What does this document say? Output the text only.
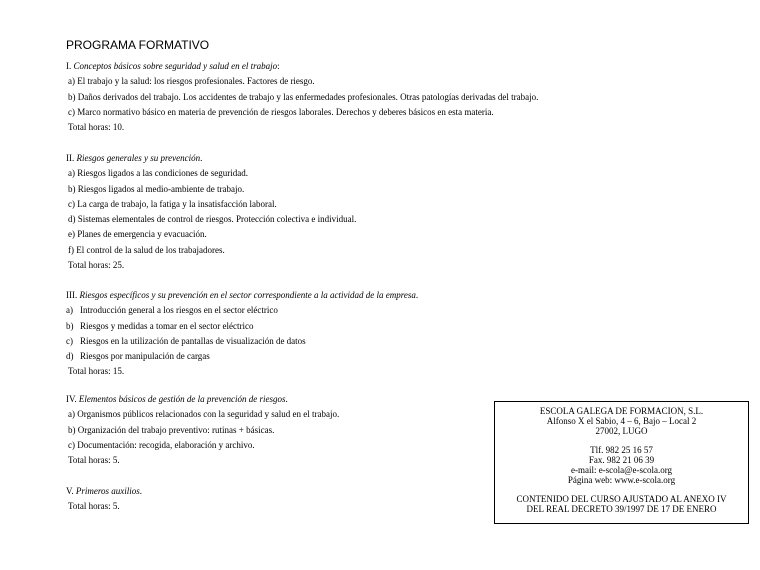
PROGRAMA FORMATIVO
I. Conceptos básicos sobre seguridad y salud en el trabajo:
a) El trabajo y la salud: los riesgos profesionales. Factores de riesgo.
b) Daños derivados del trabajo. Los accidentes de trabajo y las enfermedades profesionales. Otras patologías derivadas del trabajo.
c) Marco normativo básico en materia de prevención de riesgos laborales. Derechos y deberes básicos en esta materia.
Total horas: 10.
II. Riesgos generales y su prevención.
a) Riesgos ligados a las condiciones de seguridad.
b) Riesgos ligados al medio-ambiente de trabajo.
c) La carga de trabajo, la fatiga y la insatisfacción laboral.
d) Sistemas elementales de control de riesgos. Protección colectiva e individual.
e) Planes de emergencia y evacuación.
f) El control de la salud de los trabajadores.
Total horas: 25.
III. Riesgos específicos y su prevención en el sector correspondiente a la actividad de la empresa.
a) Introducción general a los riesgos en el sector eléctrico
b) Riesgos y medidas a tomar en el sector eléctrico
c) Riesgos en la utilización de pantallas de visualización de datos
d) Riesgos por manipulación de cargas
Total horas: 15.
IV. Elementos básicos de gestión de la prevención de riesgos.
a) Organismos públicos relacionados con la seguridad y salud en el trabajo.
b) Organización del trabajo preventivo: rutinas + básicas.
c) Documentación: recogida, elaboración y archivo.
Total horas: 5.
V. Primeros auxilios.
Total horas: 5.
ESCOLA GALEGA DE FORMACION, S.L.
Alfonso X el Sabio, 4 – 6, Bajo – Local 2
27002, LUGO
Tlf. 982 25 16 57
Fax. 982 21 06 39
e-mail: e-scola@e-scola.org
Página web: www.e-scola.org
CONTENIDO DEL CURSO AJUSTADO AL ANEXO IV
DEL REAL DECRETO 39/1997 DE 17 DE ENERO
